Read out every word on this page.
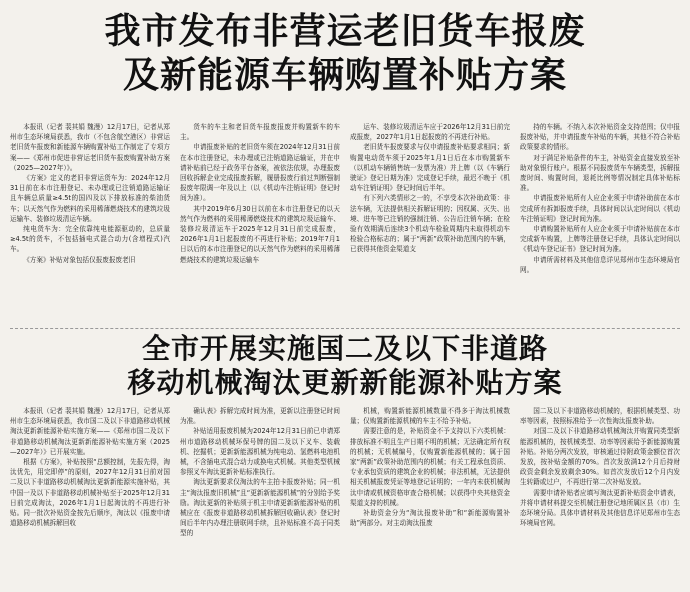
我市发布非营运老旧货车报废
及新能源车辆购置补贴方案

本报讯（记者 裴其娟 魏漫）12月17日，记者从郑州市生态环境局获悉，我市（不包含航空港区）非营运老旧货车报废和新能源车辆购置补贴工作制定了专项方案——《郑州市促进非营运老旧货车报废购置补助方案（2025—2027年）》。

《方案》定义的老旧非营运货车为：2024年12月31日前在本市注册登记、未办理或已注销道路运输证且车辆总质量≥4.5t的国四及以下排放标准的柴油货车；以天然气作为燃料的采用稀薄燃烧技术的建筑垃圾运输车、装修垃圾清运车辆。

纯电货车为：完全依靠纯电能源驱动的，总质量≥4.5t的货车，不包括插电式混合动力(含增程式)汽车。

《方案》补贴对象包括仅报废报废老旧

货车的车主和老旧货车报废报废并购置新车的车主。

申请报废补贴的老旧货车须在2024年12月31日前在本市注册登记，未办理或已注销道路运输证，并在申请补贴前已经于政务平台备案，被依法依规，办理报废回收拆解企业完成报废拆解，履册报废行前过判断强制报废年限调一年及以上（以《机动车注销证明》登记时间为准）。

其中2019年6月30日以前在本市注册登记的以天然气作为燃料的采用稀薄燃烧技术的建筑垃圾运输车、装修垃圾清运车于2025年12月31日前完成报废，2026年1月1日起报废的不再进行补贴；2019年7月1日以后的本市注册登记的以天然气作为燃料的采用稀薄燃烧技术的建筑垃圾运输车

运车、装修垃圾清运车应于2026年12月31日前完成报废，2027年1月1日起报废的不再进行补贴。

老旧货车报废要求与仅申请报废补贴要求相同；新购置电动货车须于2025年1月1日后在本市购置新车（以机动车辆销售统一发票为准）并上牌（以《车辆行驶证》登记日期为准）完成登记手续，最迟不晚于《机动车注销证明》登记时间后半年。

有下列六类情形之一的，不享受本次补助政策：非法车辆，无法提供相关拆解证明的；因权属、灭失、出境、进车等已注销的强制注销、公告后注销车辆；在检验有效期满后连续3个机动车检验周期内未取得机动车检验合格标志的；属于“两新”政策补助范围内的车辆，已获得其他资金渠道支

持的车辆。不纳入本次补贴资金支持范围；仅申报报废补贴，并申请报废车补贴的车辆，其他不符合补贴政策要求的情形。

对于满足补贴条件的车主，补贴资金直接发放至补助对象银行账户。根据不同报废货车车辆类型，拆解报废时间、购置时间，退耗比例等情况制定具体补贴标准。

申请报废补贴所有人应企业须于申请补助前在本市完成所有拆卸报废手续，具体时间以认定时间以《机动车注销证明》登记时间为准。

申请购置补贴所有人应企业须于申请补贴前在本市完成新车购置，上牌等注册登记手续，具体认定时间以《机动车登记证书》登记时间为准。

申请所需材料及其他信息详见郑州市生态环境局官网。

全市开展实施国二及以下非道路
移动机械淘汰更新新能源补贴方案

本报讯（记者 裴其娟 魏漫）12月17日，记者从郑州市生态环境局获悉，我市国二及以下非道路移动机械淘汰更新新能源补贴实施方案——《郑州市国二及以下非道路移动机械淘汰更新新能源补贴实施方案（2025—2027年）》已开展实施。

根据《方案》，补贴按照“总额控制，先报先得，淘汰优先，用完即停”的原则，2027年12月31日前对国二及以下非道路移动机械淘汰更新新能源实施补贴，其中国一及以下非道路移动机械补贴至于2025年12月31日前完成淘汰，2026年1月1日起淘汰的不再进行补贴。同一批次补贴资金按先后顺序，淘汰以《报废申请道路移动机械拆解回收

确认表》拆解完成时间为准，更新以注册登记时间为准。

补贴适用报废机械为2024年12月31日前已申请郑州市道路移动机械环保号牌的国二及以下叉车、装载机、挖掘机；更新新能源机械为纯电动、氢燃料电池机械，不含插电式混合动力或换电式机械。其他类型机械参照叉车淘汰更新补贴标准执行。

淘汰更新要求仅淘汰的车主拍卡报废补贴；同一机主“淘汰报废旧机械”且“更新新能源机械”的分别给予奖励。淘汰更新的补贴须于机主申请更新新能源补贴的机械应在《报废非道路移动机械拆解回收确认表》登记时间后半年内办理注册联网手续，且补贴标准不高于同类型的

机械，购置新能源机械数量不得多于淘汰机械数量；仅购置新能源机械的车主不给予补贴。

需要注意的是，补贴资金不予支持以下六类机械：排放标准不明且生产日期不明的机械；无法确定所有权的机械；无机械编号，仅购置新能源机械的；属于国家“两新”政策补助范围内的机械；有关工程承包资质、专业承包资质的建筑企业的机械；非法机械，无法提供相关机械报废凭证等地登记证明的；一年内未获机械淘汰申请或机械资格审查合格机械；以获得中央其他资金渠道支持的机械。

补助资金分为“淘汰报废补助”和“新能源购置补助”两部分。对主动淘汰报废

国二及以下非道路移动机械的，根据机械类型、功率等因素，按照标准给予一次性淘汰报废补助。

对国二及以下非道路移动机械淘汰并购置同类型新能源机械的，按机械类型、功率等因素给予新能源购置补贴。补贴分两次发放，审核通过待附政策金额位首次发放，按补贴金额的70%。首次发放满12个月后持财政资金剩余发放剩余30%。如首次发放后12个月内发生转籍或过户，不再进行第二次补贴发放。

需要申请补贴者应填写淘汰更新补贴资金申请表，并将申请材料提交至机械注册登记地所属区县（市）生态环境分局。具体申请材料及其他信息详见郑州市生态环境局官网。
